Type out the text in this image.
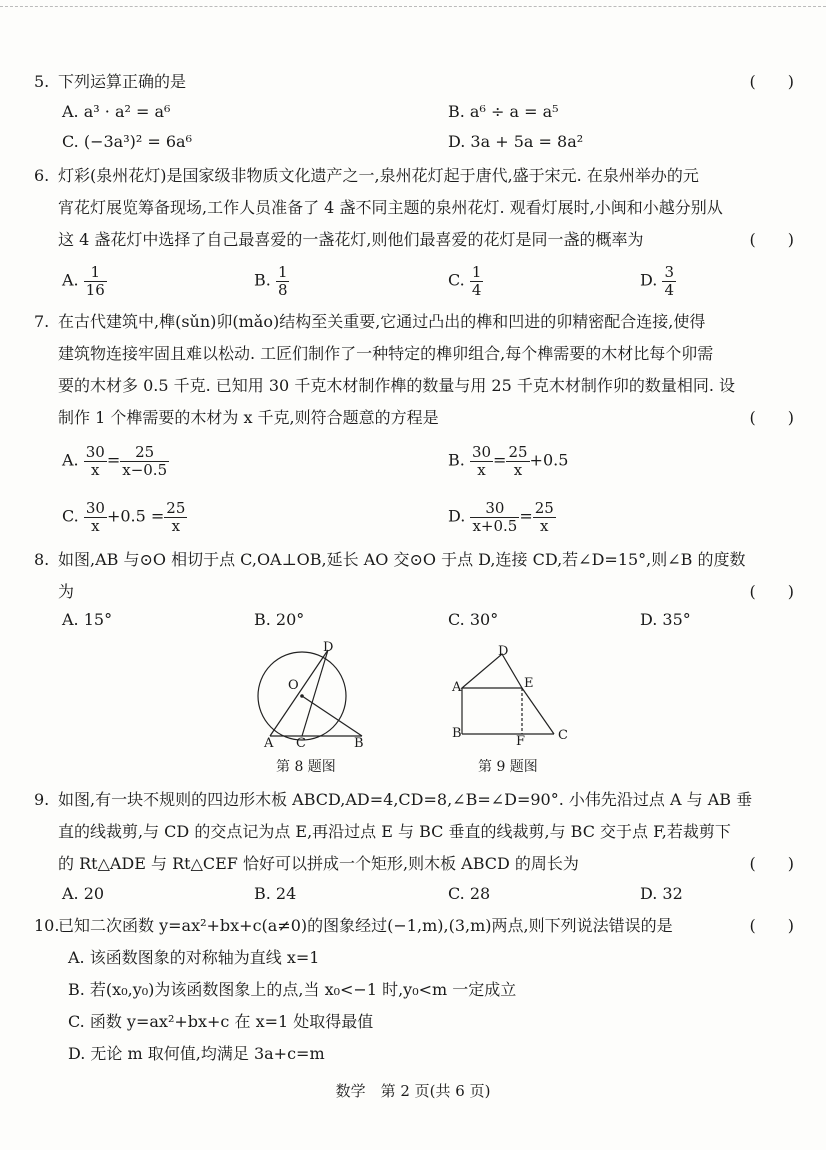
5. 下列运算正确的是	(　　)
A. a³ · a² = a⁶	B. a⁶ ÷ a = a⁵
C. (−3a³)² = 6a⁶	D. 3a + 5a = 8a²
6. 灯彩(泉州花灯)是国家级非物质文化遗产之一,泉州花灯起于唐代,盛于宋元. 在泉州举办的元
宵花灯展览筹备现场,工作人员准备了 4 盏不同主题的泉州花灯. 观看灯展时,小闽和小越分别从
这 4 盏花灯中选择了自己最喜爱的一盏花灯,则他们最喜爱的花灯是同一盏的概率为	(　　)
A. $\frac{1}{16}$	B. $\frac{1}{8}$	C. $\frac{1}{4}$	D. $\frac{3}{4}$
7. 在古代建筑中,榫(sǔn)卯(mǎo)结构至关重要,它通过凸出的榫和凹进的卯精密配合连接,使得
建筑物连接牢固且难以松动. 工匠们制作了一种特定的榫卯组合,每个榫需要的木材比每个卯需
要的木材多 0.5 千克. 已知用 30 千克木材制作榫的数量与用 25 千克木材制作卯的数量相同. 设
制作 1 个榫需要的木材为 x 千克,则符合题意的方程是	(　　)
A. $\frac{30}{x} = \frac{25}{x-0.5}$	B. $\frac{30}{x} = \frac{25}{x} +0.5$
C. $\frac{30}{x} +0.5 = \frac{25}{x}$	D. $\frac{30}{x+0.5} = \frac{25}{x}$
8. 如图,AB 与⊙O 相切于点 C,OA⊥OB,延长 AO 交⊙O 于点 D,连接 CD,若∠D=15°,则∠B 的度数
为	(　　)
A. 15°	B. 20°	C. 30°	D. 35°
D
O
A C	B
第 8 题图
D
A	E
B
F	C
第 9 题图
9. 如图,有一块不规则的四边形木板 ABCD,AD=4,CD=8,∠B=∠D=90°. 小伟先沿过点 A 与 AB 垂
直的线裁剪,与 CD 的交点记为点 E,再沿过点 E 与 BC 垂直的线裁剪,与 BC 交于点 F,若裁剪下
的 Rt△ADE 与 Rt△CEF 恰好可以拼成一个矩形,则木板 ABCD 的周长为	(　　)
A. 20	B. 24	C. 28	D. 32
10.
已知二次函数 y=ax²+bx+c(a≠0)的图象经过(−1,m),(3,m)两点,则下列说法错误的是	(　　)
A. 该函数图象的对称轴为直线 x=1
B. 若(x₀,y₀)为该函数图象上的点,当 x₀<−1 时,y₀<m 一定成立
C. 函数 y=ax²+bx+c 在 x=1 处取得最值
D. 无论 m 取何值,均满足 3a+c=m
数学　第 2 页(共 6 页)
